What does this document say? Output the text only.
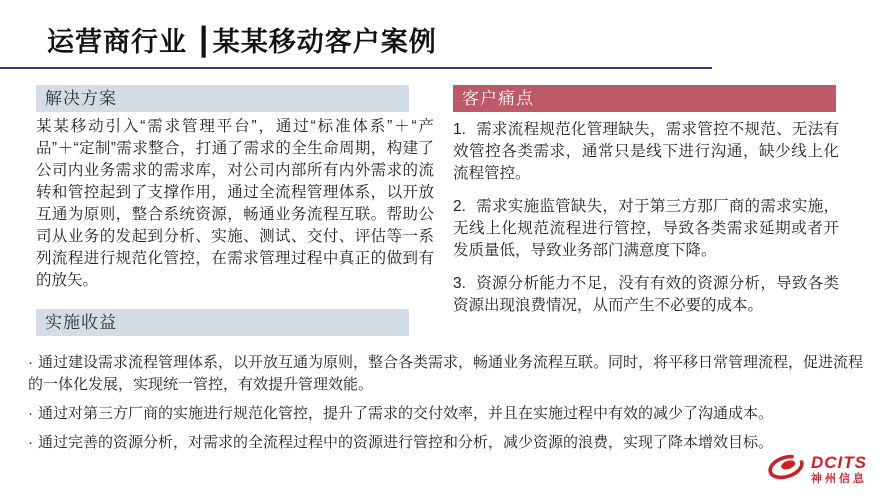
运营商行业 ┃某某移动客户案例
解决方案
某某移动引入“需求管理平台”，通过“标准体系”＋“产品”＋“定制”需求整合，打通了需求的全生命周期，构建了公司内业务需求的需求库，对公司内部所有内外需求的流转和管控起到了支撑作用，通过全流程管理体系，以开放互通为原则，整合系统资源，畅通业务流程互联。帮助公司从业务的发起到分析、实施、测试、交付、评估等一系列流程进行规范化管控，在需求管理过程中真正的做到有的放矢。
客户痛点

1. 需求流程规范化管理缺失，需求管控不规范、无法有效管控各类需求，通常只是线下进行沟通，缺少线上化流程管控。

2. 需求实施监管缺失，对于第三方那厂商的需求实施，无线上化规范流程进行管控，导致各类需求延期或者开发质量低，导致业务部门满意度下降。

3. 资源分析能力不足，没有有效的资源分析，导致各类资源出现浪费情况，从而产生不必要的成本。

实施收益

· 通过建设需求流程管理体系，以开放互通为原则，整合各类需求，畅通业务流程互联。同时，将平移日常管理流程，促进流程的一体化发展，实现统一管控，有效提升管理效能。

· 通过对第三方厂商的实施进行规范化管控，提升了需求的交付效率，并且在实施过程中有效的减少了沟通成本。

· 通过完善的资源分析，对需求的全流程过程中的资源进行管控和分析，减少资源的浪费，实现了降本增效目标。

DCITS
神州信息
